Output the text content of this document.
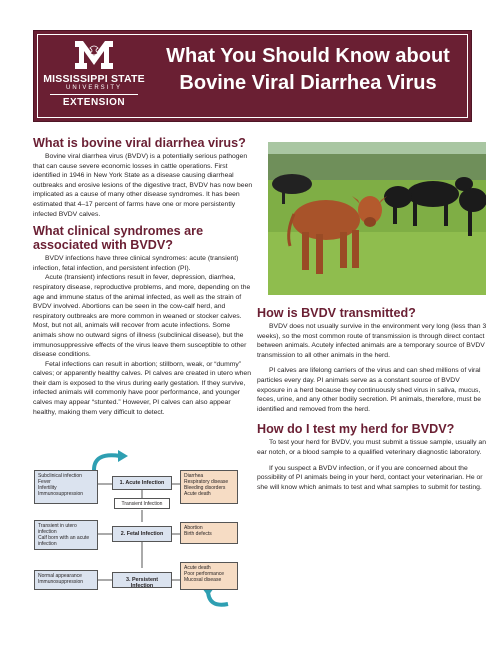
MISSISSIPPI STATE
UNIVERSITY
EXTENSION
What You Should Know about
Bovine Viral Diarrhea Virus
What is bovine viral diarrhea virus?

Bovine viral diarrhea virus (BVDV) is a potentially serious pathogen that can cause severe economic losses in cattle operations. First identified in 1946 in New York State as a disease causing diarrheal outbreaks and erosive lesions of the digestive tract, BVDV has now been implicated as a cause of many other disease syndromes. It has been estimated that 4–17 percent of farms have one or more persistently infected BVDV calves.

What clinical syndromes are associated with BVDV?

BVDV infections have three clinical syndromes: acute (transient) infection, fetal infection, and persistent infection (PI).

Acute (transient) infections result in fever, depression, diarrhea, respiratory disease, reproductive problems, and more, depending on the age and immune status of the animal infected, as well as the strain of BVDV involved. Abortions can be seen in the cow-calf herd, and respiratory outbreaks are more common in weaned or stocker calves. Most, but not all, animals will recover from acute infections. Some animals show no outward signs of illness (subclinical disease), but the immunosuppressive effects of the virus leave them susceptible to other disease conditions.

Fetal infections can result in abortion; stillborn, weak, or “dummy” calves; or apparently healthy calves. PI calves are created in utero when their dam is exposed to the virus during early gestation. If they survive, infected animals will commonly have poor performance, and younger calves may appear “stunted.” However, PI calves can also appear healthy, making them very difficult to detect.

How is BVDV transmitted?

BVDV does not usually survive in the environment very long (less than 3 weeks), so the most common route of transmission is through direct contact between animals. Acutely infected animals are a temporary source of BVDV transmission to all other animals in the herd.

PI calves are lifelong carriers of the virus and can shed millions of viral particles every day. PI animals serve as a constant source of BVDV exposure in a herd because they continuously shed virus in saliva, mucus, feces, urine, and any other bodily secretion. PI animals, therefore, must be identified and removed from the herd.

How do I test my herd for BVDV?

To test your herd for BVDV, you must submit a tissue sample, usually an ear notch, or a blood sample to a qualified veterinary diagnostic laboratory.

If you suspect a BVDV infection, or if you are concerned about the possibility of PI animals being in your herd, contact your veterinarian. He or she will know which animals to test and what samples to submit for testing.

Subclinical infection
Fever
Infertility
Immunosuppression
1. Acute Infection
Transient Infection
Diarrhea
Respiratory disease
Bleeding disorders
Acute death
Transient in utero infection
Calf born with an acute infection
2. Fetal Infection
Abortion
Birth defects
Normal appearance
Immunosuppression	3. Persistent Infection
Acute death
Poor performance
Mucosal disease
